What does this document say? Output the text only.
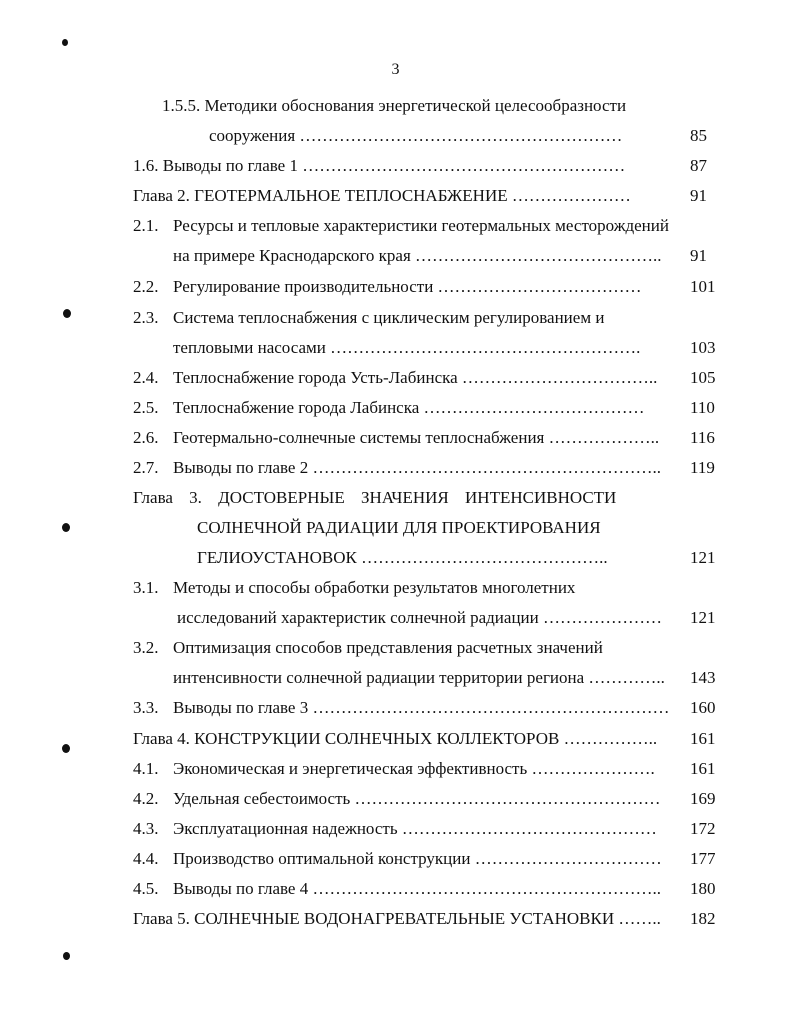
3
1.5.5. Методики обоснования энергетической целесообразности
сооружения …………………………………………………	85
1.6. Выводы по главе 1 …………………………………………………	87
Глава 2. ГЕОТЕРМАЛЬНОЕ ТЕПЛОСНАБЖЕНИЕ …………………	91
2.1. Ресурсы и тепловые характеристики геотермальных месторождений
на примере Краснодарского края …………………………………….. 91
2.2. Регулирование производительности ………………………………	101
2.3. Система теплоснабжения с циклическим регулированием и
тепловыми насосами ……………………………………………….	103
2.4. Теплоснабжение города Усть-Лабинска …………………………….. 105
2.5. Теплоснабжение города Лабинска …………………………………	110
2.6. Геотермально-солнечные системы теплоснабжения ……………….. 116
2.7. Выводы по главе 2 …………………………………………………….. 119
Глава 3. ДОСТОВЕРНЫЕ ЗНАЧЕНИЯ ИНТЕНСИВНОСТИ
СОЛНЕЧНОЙ РАДИАЦИИ ДЛЯ ПРОЕКТИРОВАНИЯ
ГЕЛИОУСТАНОВОК ……………………………………..	121
3.1. Методы и способы обработки результатов многолетних
исследований характеристик солнечной радиации ………………… 121
3.2. Оптимизация способов представления расчетных значений
интенсивности солнечной радиации территории региона ………….. 143
3.3. Выводы по главе 3 ……………………………………………………… 160
Глава 4. КОНСТРУКЦИИ СОЛНЕЧНЫХ КОЛЛЕКТОРОВ …………….. 161
4.1. Экономическая и энергетическая эффективность …………………. 161
4.2. Удельная себестоимость ……………………………………………… 169
4.3. Эксплуатационная надежность ……………………………………… 172
4.4. Производство оптимальной конструкции …………………………… 177
4.5. Выводы по главе 4 …………………………………………………….. 180
Глава 5. СОЛНЕЧНЫЕ ВОДОНАГРЕВАТЕЛЬНЫЕ УСТАНОВКИ …….. 182
